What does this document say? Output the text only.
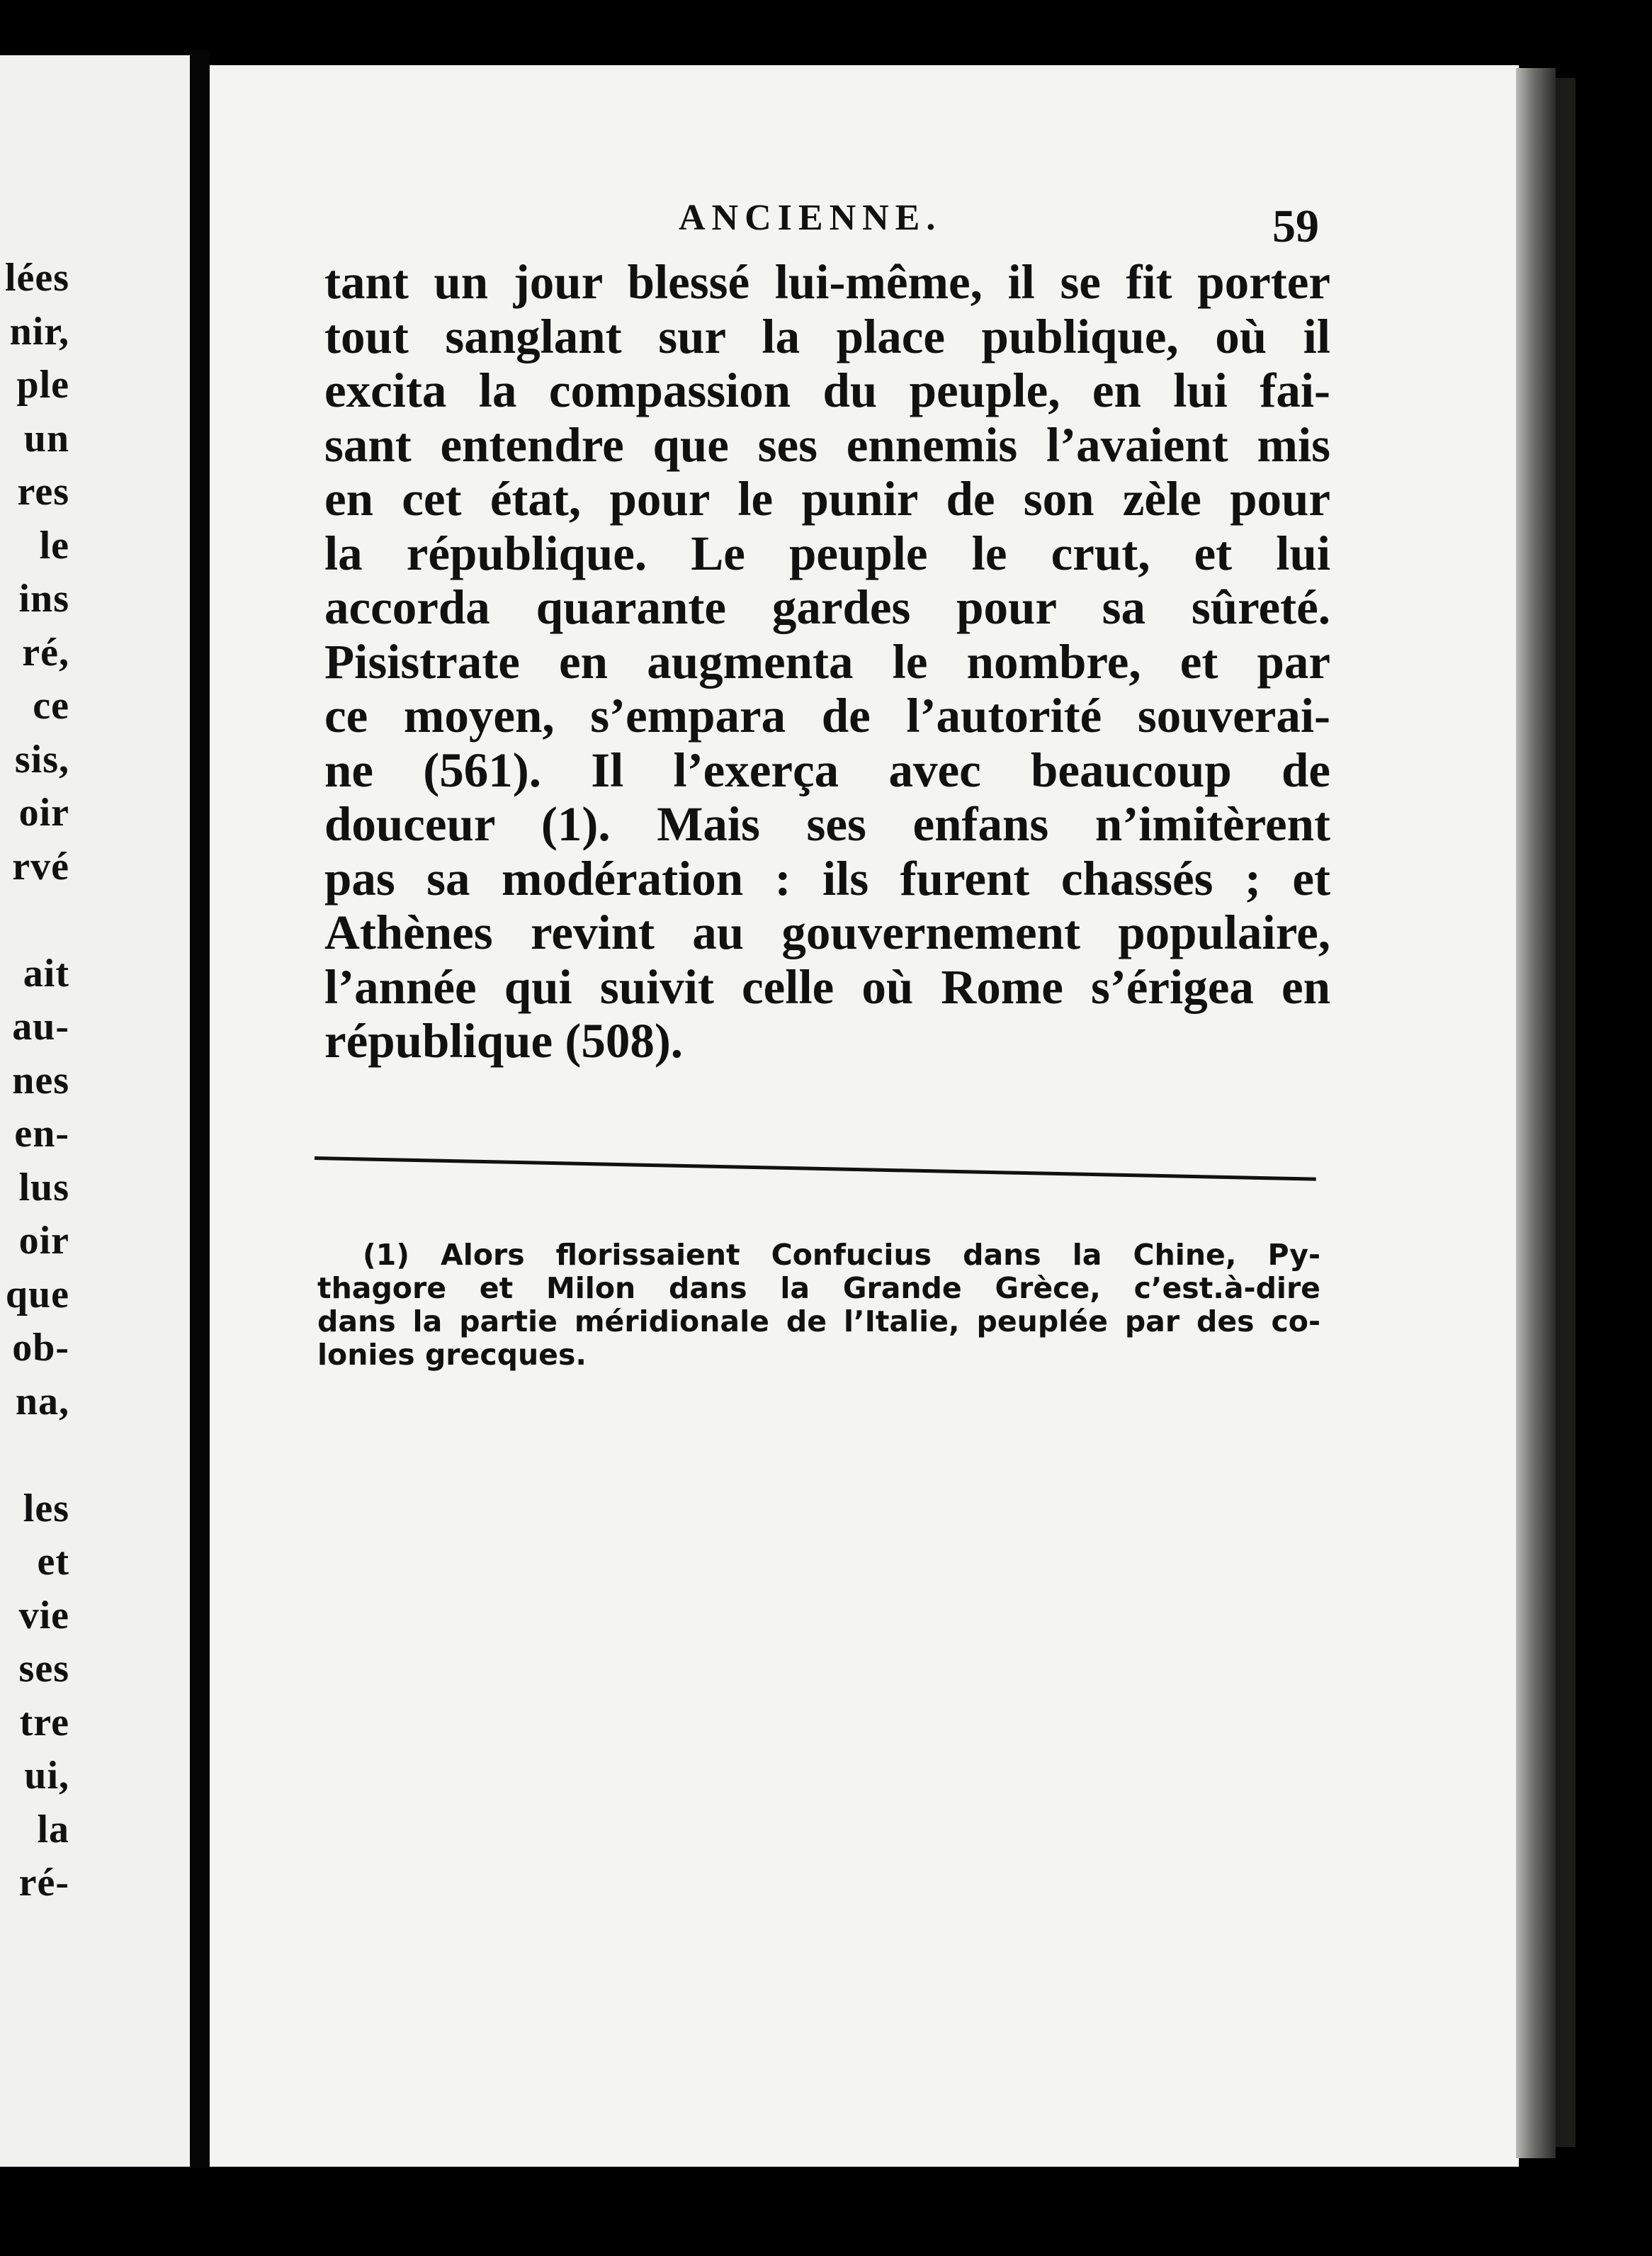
lées
nir,
ple
un
res
le
ins
ré,
ce
sis,
oir
rvé

ait
au-
nes
en-
lus
oir
que
ob-
na,

les
et
vie
ses
tre
ui,
la
ré-
ANCIENNE.	59
tant un jour blessé lui-même, il se fit porter
tout sanglant sur la place publique, où il
excita la compassion du peuple, en lui fai-
sant entendre que ses ennemis l’avaient mis
en cet état, pour le punir de son zèle pour
la république. Le peuple le crut, et lui
accorda quarante gardes pour sa sûreté.
Pisistrate en augmenta le nombre, et par
ce moyen, s’empara de l’autorité souverai-
ne (561). Il l’exerça avec beaucoup de
douceur (1). Mais ses enfans n’imitèrent
pas sa modération : ils furent chassés ; et
Athènes revint au gouvernement populaire,
l’année qui suivit celle où Rome s’érigea en
république (508).
(1) Alors florissaient Confucius dans la Chine, Py-
thagore et Milon dans la Grande Grèce, c’est.à-dire
dans la partie méridionale de l’Italie, peuplée par des co-
lonies grecques.
